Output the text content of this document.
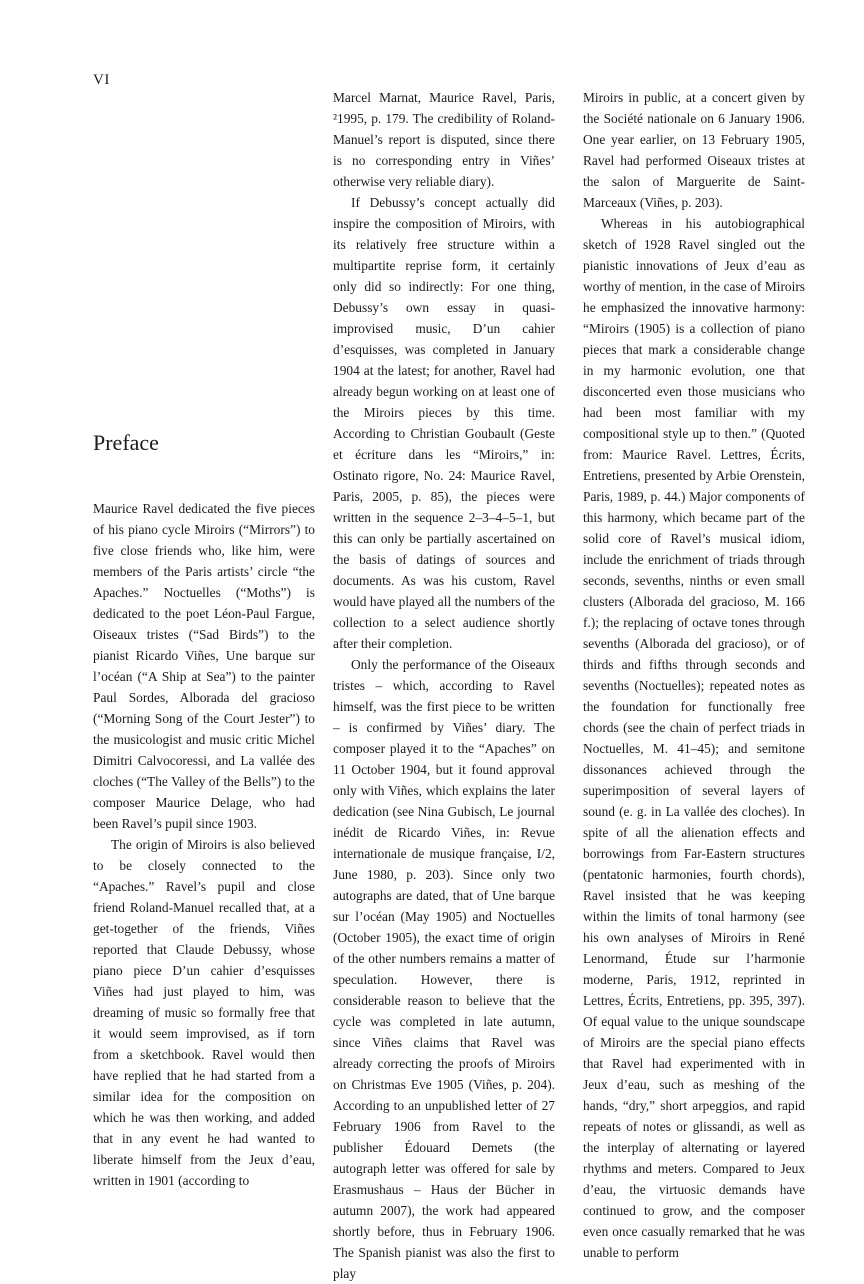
VI
Preface

Maurice Ravel dedicated the five pieces of his piano cycle Miroirs (“Mirrors”) to five close friends who, like him, were members of the Paris artists’ circle “the Apaches.” Noctuelles (“Moths”) is dedicated to the poet Léon-Paul Fargue, Oiseaux tristes (“Sad Birds”) to the pianist Ricardo Viñes, Une barque sur l’océan (“A Ship at Sea”) to the painter Paul Sordes, Alborada del gracioso (“Morning Song of the Court Jester”) to the musicologist and music critic Michel Dimitri Calvocoressi, and La vallée des cloches (“The Valley of the Bells”) to the composer Maurice Delage, who had been Ravel’s pupil since 1903.

The origin of Miroirs is also believed to be closely connected to the “Apaches.” Ravel’s pupil and close friend Roland-Manuel recalled that, at a get-together of the friends, Viñes reported that Claude Debussy, whose piano piece D’un cahier d’esquisses Viñes had just played to him, was dreaming of music so formally free that it would seem improvised, as if torn from a sketchbook. Ravel would then have replied that he had started from a similar idea for the composition on which he was then working, and added that in any event he had wanted to liberate himself from the Jeux d’eau, written in 1901 (according to

Marcel Marnat, Maurice Ravel, Paris, ²1995, p. 179. The credibility of Roland-Manuel’s report is disputed, since there is no corresponding entry in Viñes’ otherwise very reliable diary).

If Debussy’s concept actually did inspire the composition of Miroirs, with its relatively free structure within a multipartite reprise form, it certainly only did so indirectly: For one thing, Debussy’s own essay in quasi-improvised music, D’un cahier d’esquisses, was completed in January 1904 at the latest; for another, Ravel had already begun working on at least one of the Miroirs pieces by this time. According to Christian Goubault (Geste et écriture dans les “Miroirs,” in: Ostinato rigore, No. 24: Maurice Ravel, Paris, 2005, p. 85), the pieces were written in the sequence 2–3–4–5–1, but this can only be partially ascertained on the basis of datings of sources and documents. As was his custom, Ravel would have played all the numbers of the collection to a select audience shortly after their completion.

Only the performance of the Oiseaux tristes – which, according to Ravel himself, was the first piece to be written – is confirmed by Viñes’ diary. The composer played it to the “Apaches” on 11 October 1904, but it found approval only with Viñes, which explains the later dedication (see Nina Gubisch, Le journal inédit de Ricardo Viñes, in: Revue internationale de musique française, I/2, June 1980, p. 203). Since only two autographs are dated, that of Une barque sur l’océan (May 1905) and Noctuelles (October 1905), the exact time of origin of the other numbers remains a matter of speculation. However, there is considerable reason to believe that the cycle was completed in late autumn, since Viñes claims that Ravel was already correcting the proofs of Miroirs on Christmas Eve 1905 (Viñes, p. 204). According to an unpublished letter of 27 February 1906 from Ravel to the publisher Édouard Demets (the autograph letter was offered for sale by Erasmushaus – Haus der Bücher in autumn 2007), the work had appeared shortly before, thus in February 1906. The Spanish pianist was also the first to play

Miroirs in public, at a concert given by the Société nationale on 6 January 1906. One year earlier, on 13 February 1905, Ravel had performed Oiseaux tristes at the salon of Marguerite de Saint-Marceaux (Viñes, p. 203).

Whereas in his autobiographical sketch of 1928 Ravel singled out the pianistic innovations of Jeux d’eau as worthy of mention, in the case of Miroirs he emphasized the innovative harmony: “Miroirs (1905) is a collection of piano pieces that mark a considerable change in my harmonic evolution, one that disconcerted even those musicians who had been most familiar with my compositional style up to then.” (Quoted from: Maurice Ravel. Lettres, Écrits, Entretiens, presented by Arbie Orenstein, Paris, 1989, p. 44.) Major components of this harmony, which became part of the solid core of Ravel’s musical idiom, include the enrichment of triads through seconds, sevenths, ninths or even small clusters (Alborada del gracioso, M. 166 f.); the replacing of octave tones through sevenths (Alborada del gracioso), or of thirds and fifths through seconds and sevenths (Noctuelles); repeated notes as the foundation for functionally free chords (see the chain of perfect triads in Noctuelles, M. 41–45); and semitone dissonances achieved through the superimposition of several layers of sound (e. g. in La vallée des cloches). In spite of all the alienation effects and borrowings from Far-Eastern structures (pentatonic harmonies, fourth chords), Ravel insisted that he was keeping within the limits of tonal harmony (see his own analyses of Miroirs in René Lenormand, Étude sur l’harmonie moderne, Paris, 1912, reprinted in Lettres, Écrits, Entretiens, pp. 395, 397). Of equal value to the unique soundscape of Miroirs are the special piano effects that Ravel had experimented with in Jeux d’eau, such as meshing of the hands, “dry,” short arpeggios, and rapid repeats of notes or glissandi, as well as the interplay of alternating or layered rhythms and meters. Compared to Jeux d’eau, the virtuosic demands have continued to grow, and the composer even once casually remarked that he was unable to perform
